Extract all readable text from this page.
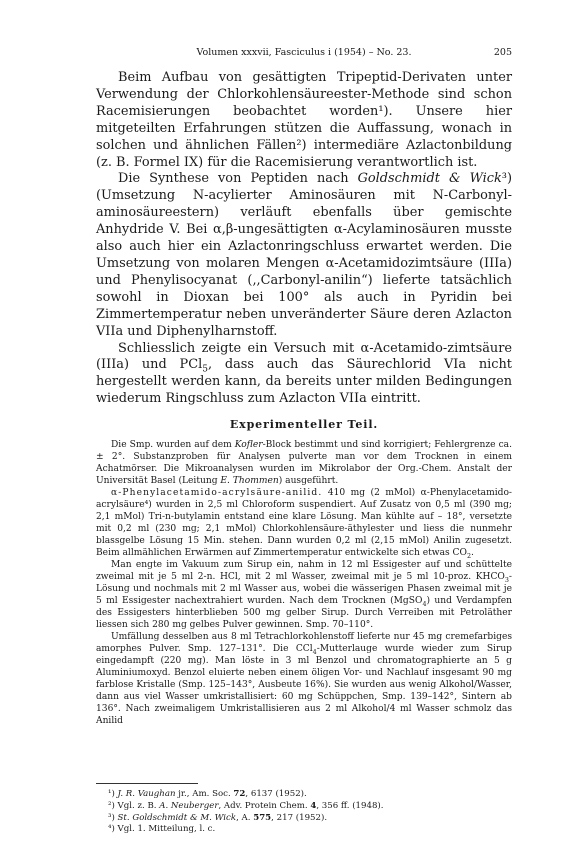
Volumen xxxvii, Fasciculus i (1954) – No. 23.	205

Beim Aufbau von gesättigten Tripeptid-Derivaten unter Verwendung der Chlorkohlensäureester-Methode sind schon Racemisierungen beobachtet worden¹). Unsere hier mitgeteilten Erfahrungen stützen die Auffassung, wonach in solchen und ähnlichen Fällen²) intermediäre Azlactonbildung (z. B. Formel IX) für die Racemisierung verantwortlich ist.

Die Synthese von Peptiden nach Goldschmidt & Wick³) (Umsetzung N-acylierter Aminosäuren mit N-Carbonyl-aminosäureestern) verläuft ebenfalls über gemischte Anhydride V. Bei α,β-ungesättigten α-Acylaminosäuren musste also auch hier ein Azlactonringschluss erwartet werden. Die Umsetzung von molaren Mengen α-Acetamidozimtsäure (IIIa) und Phenylisocyanat (,,Carbonyl-anilin“) lieferte tatsächlich sowohl in Dioxan bei 100° als auch in Pyridin bei Zimmertemperatur neben unveränderter Säure deren Azlacton VIIa und Diphenylharnstoff.

Schliesslich zeigte ein Versuch mit α-Acetamido-zimtsäure (IIIa) und PCl$_5$, dass auch das Säurechlorid VIa nicht hergestellt werden kann, da bereits unter milden Bedingungen wiederum Ringschluss zum Azlacton VIIa eintritt.

Experimenteller Teil.

Die Smp. wurden auf dem Kofler-Block bestimmt und sind korrigiert; Fehlergrenze ca. ± 2°. Substanzproben für Analysen pulverte man vor dem Trocknen in einem Achatmörser. Die Mikroanalysen wurden im Mikrolabor der Org.-Chem. Anstalt der Universität Basel (Leitung E. Thommen) ausgeführt.

α-Phenylacetamido-acrylsäure-anilid. 410 mg (2 mMol) α-Phenylacetamido-acrylsäure⁴) wurden in 2,5 ml Chloroform suspendiert. Auf Zusatz von 0,5 ml (390 mg; 2,1 mMol) Tri-n-butylamin entstand eine klare Lösung. Man kühlte auf – 18°, versetzte mit 0,2 ml (230 mg; 2,1 mMol) Chlorkohlensäure-äthylester und liess die nunmehr blassgelbe Lösung 15 Min. stehen. Dann wurden 0,2 ml (2,15 mMol) Anilin zugesetzt. Beim allmählichen Erwärmen auf Zimmertemperatur entwickelte sich etwas $CO_2$.

Man engte im Vakuum zum Sirup ein, nahm in 12 ml Essigester auf und schüttelte zweimal mit je 5 ml 2-n. HCl, mit 2 ml Wasser, zweimal mit je 5 ml 10-proz. $KHCO_3$-Lösung und nochmals mit 2 ml Wasser aus, wobei die wässerigen Phasen zweimal mit je 5 ml Essigester nachextrahiert wurden. Nach dem Trocknen (MgSO$_4$) und Verdampfen des Essigesters hinterblieben 500 mg gelber Sirup. Durch Verreiben mit Petroläther liessen sich 280 mg gelbes Pulver gewinnen. Smp. 70–110°.

Umfällung desselben aus 8 ml Tetrachlorkohlenstoff lieferte nur 45 mg cremefarbiges amorphes Pulver. Smp. 127–131°. Die CCl$_4$-Mutterlauge wurde wieder zum Sirup eingedampft (220 mg). Man löste in 3 ml Benzol und chromatographierte an 5 g Aluminiumoxyd. Benzol eluierte neben einem öligen Vor- und Nachlauf insgesamt 90 mg farblose Kristalle (Smp. 125–143°, Ausbeute 16%). Sie wurden aus wenig Alkohol/Wasser, dann aus viel Wasser umkristallisiert: 60 mg Schüppchen, Smp. 139–142°, Sintern ab 136°. Nach zweimaligem Umkristallisieren aus 2 ml Alkohol/4 ml Wasser schmolz das Anilid

¹) J. R. Vaughan jr., Am. Soc. 72, 6137 (1952).
²) Vgl. z. B. A. Neuberger, Adv. Protein Chem. 4, 356 ff. (1948).
³) St. Goldschmidt & M. Wick, A. 575, 217 (1952).
⁴) Vgl. 1. Mitteilung, l. c.
